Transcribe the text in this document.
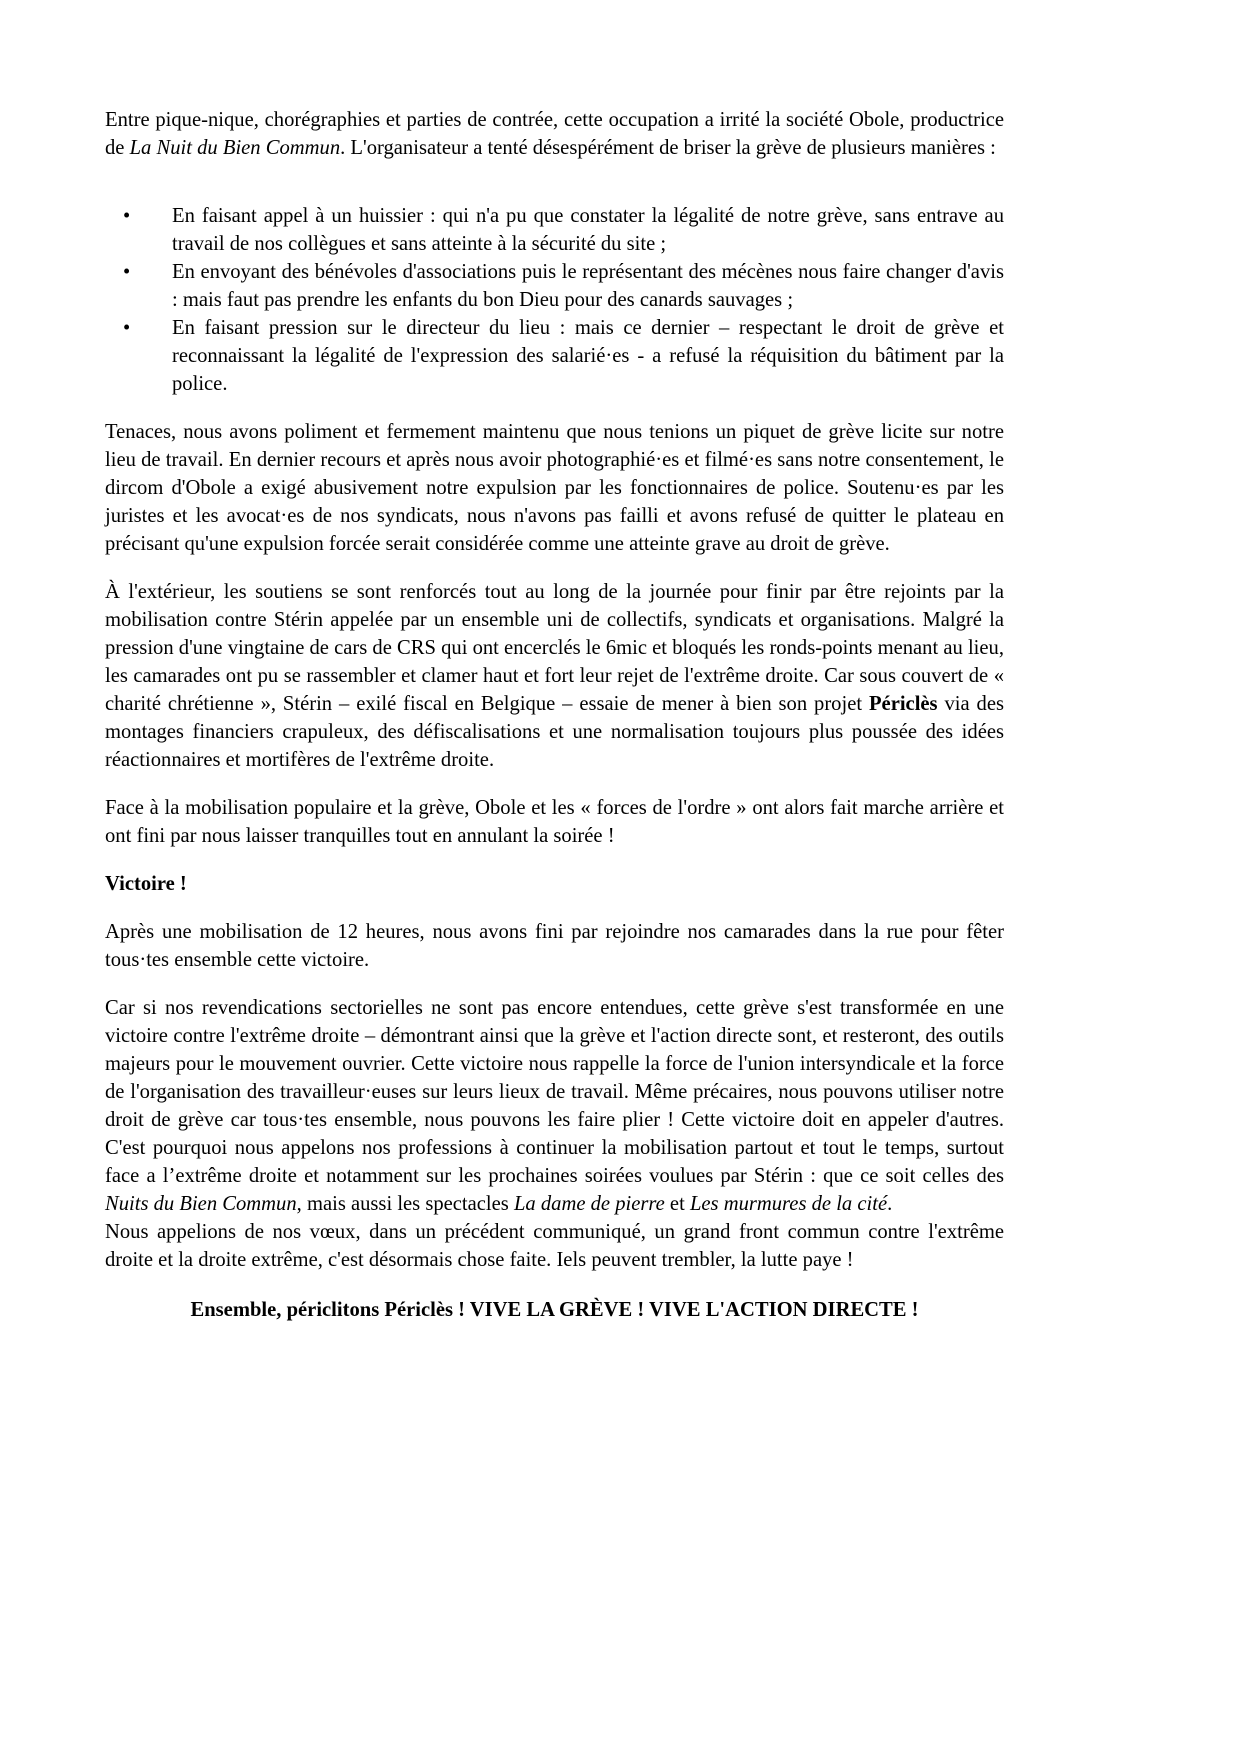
Entre pique-nique, chorégraphies et parties de contrée, cette occupation a irrité la société Obole, productrice de La Nuit du Bien Commun. L'organisateur a tenté désespérément de briser la grève de plusieurs manières :

• En faisant appel à un huissier : qui n'a pu que constater la légalité de notre grève, sans entrave au travail de nos collègues et sans atteinte à la sécurité du site ;
• En envoyant des bénévoles d'associations puis le représentant des mécènes nous faire changer d'avis : mais faut pas prendre les enfants du bon Dieu pour des canards sauvages ;
• En faisant pression sur le directeur du lieu : mais ce dernier – respectant le droit de grève et reconnaissant la légalité de l'expression des salarié·es - a refusé la réquisition du bâtiment par la police.

Tenaces, nous avons poliment et fermement maintenu que nous tenions un piquet de grève licite sur notre lieu de travail. En dernier recours et après nous avoir photographié·es et filmé·es sans notre consentement, le dircom d'Obole a exigé abusivement notre expulsion par les fonctionnaires de police. Soutenu·es par les juristes et les avocat·es de nos syndicats, nous n'avons pas failli et avons refusé de quitter le plateau en précisant qu'une expulsion forcée serait considérée comme une atteinte grave au droit de grève.

À l'extérieur, les soutiens se sont renforcés tout au long de la journée pour finir par être rejoints par la mobilisation contre Stérin appelée par un ensemble uni de collectifs, syndicats et organisations. Malgré la pression d'une vingtaine de cars de CRS qui ont encerclés le 6mic et bloqués les ronds-points menant au lieu, les camarades ont pu se rassembler et clamer haut et fort leur rejet de l'extrême droite. Car sous couvert de « charité chrétienne », Stérin – exilé fiscal en Belgique – essaie de mener à bien son projet Périclès via des montages financiers crapuleux, des défiscalisations et une normalisation toujours plus poussée des idées réactionnaires et mortifères de l'extrême droite.

Face à la mobilisation populaire et la grève, Obole et les « forces de l'ordre » ont alors fait marche arrière et ont fini par nous laisser tranquilles tout en annulant la soirée !

Victoire !

Après une mobilisation de 12 heures, nous avons fini par rejoindre nos camarades dans la rue pour fêter tous·tes ensemble cette victoire.

Car si nos revendications sectorielles ne sont pas encore entendues, cette grève s'est transformée en une victoire contre l'extrême droite – démontrant ainsi que la grève et l'action directe sont, et resteront, des outils majeurs pour le mouvement ouvrier. Cette victoire nous rappelle la force de l'union intersyndicale et la force de l'organisation des travailleur·euses sur leurs lieux de travail. Même précaires, nous pouvons utiliser notre droit de grève car tous·tes ensemble, nous pouvons les faire plier ! Cette victoire doit en appeler d'autres. C'est pourquoi nous appelons nos professions à continuer la mobilisation partout et tout le temps, surtout face a l’extrême droite et notamment sur les prochaines soirées voulues par Stérin : que ce soit celles des Nuits du Bien Commun, mais aussi les spectacles La dame de pierre et Les murmures de la cité.

Nous appelions de nos vœux, dans un précédent communiqué, un grand front commun contre l'extrême droite et la droite extrême, c'est désormais chose faite. Iels peuvent trembler, la lutte paye !

Ensemble, périclitons Périclès ! VIVE LA GRÈVE ! VIVE L'ACTION DIRECTE !
